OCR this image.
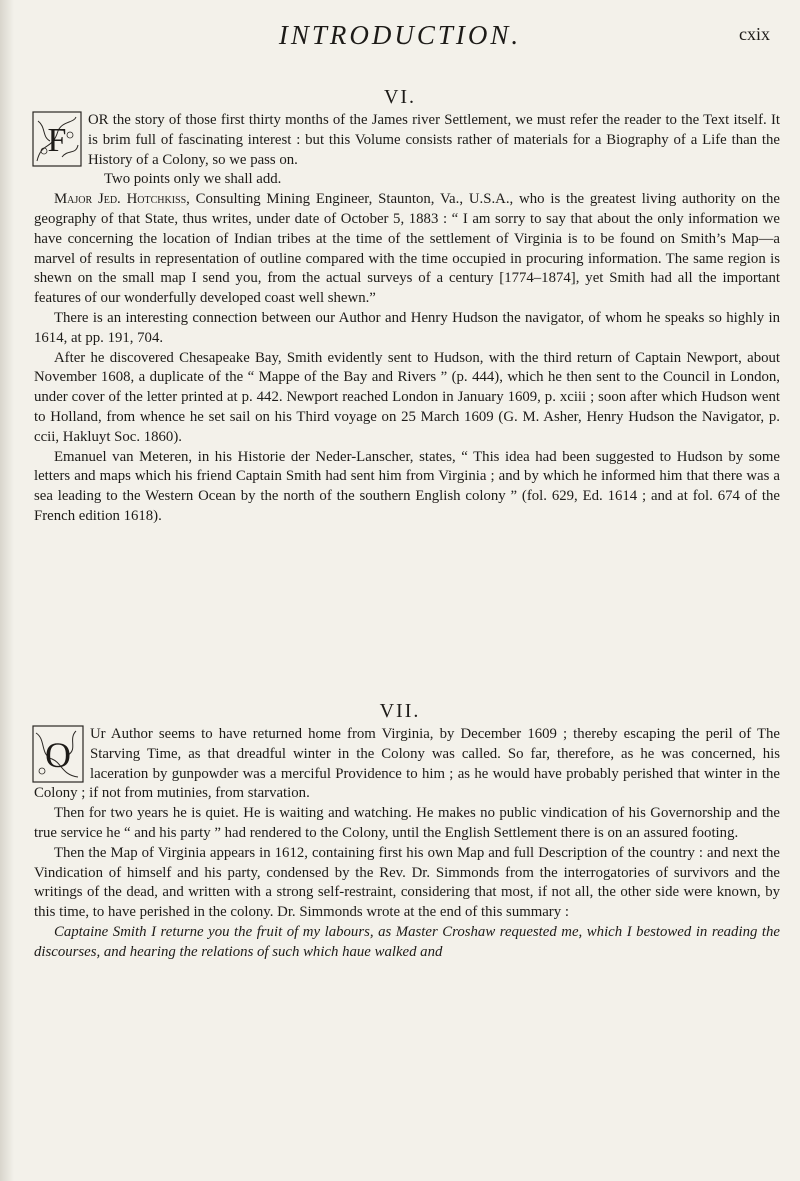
INTRODUCTION.	cxix
VI.
F

OR the story of those first thirty months of the James river Settlement, we must refer the reader to the Text itself. It is brim full of fascinating interest : but this Volume consists rather of materials for a Biography of a Life than the History of a Colony, so we pass on.

Two points only we shall add.

Major Jed. Hotchkiss, Consulting Mining Engineer, Staunton, Va., U.S.A., who is the greatest living authority on the geography of that State, thus writes, under date of October 5, 1883 : “ I am sorry to say that about the only information we have concerning the location of Indian tribes at the time of the settlement of Virginia is to be found on Smith’s Map—a marvel of results in representation of outline compared with the time occupied in procuring information. The same region is shewn on the small map I send you, from the actual surveys of a century [1774–1874], yet Smith had all the important features of our wonderfully developed coast well shewn.”

There is an interesting connection between our Author and Henry Hudson the navigator, of whom he speaks so highly in 1614, at pp. 191, 704.

After he discovered Chesapeake Bay, Smith evidently sent to Hudson, with the third return of Captain Newport, about November 1608, a duplicate of the “ Mappe of the Bay and Rivers ” (p. 444), which he then sent to the Council in London, under cover of the letter printed at p. 442. Newport reached London in January 1609, p. xciii ; soon after which Hudson went to Holland, from whence he set sail on his Third voyage on 25 March 1609 (G. M. Asher, Henry Hudson the Navigator, p. ccii, Hakluyt Soc. 1860).

Emanuel van Meteren, in his Historie der Neder-Lanscher, states, “ This idea had been suggested to Hudson by some letters and maps which his friend Captain Smith had sent him from Virginia ; and by which he informed him that there was a sea leading to the Western Ocean by the north of the southern English colony ” (fol. 629, Ed. 1614 ; and at fol. 674 of the French edition 1618).

VII.
O

Ur Author seems to have returned home from Virginia, by December 1609 ; thereby escaping the peril of The Starving Time, as that dreadful winter in the Colony was called. So far, therefore, as he was concerned, his laceration by gunpowder was a merciful Providence to him ; as he would have probably perished that winter in the Colony ; if not from mutinies, from starvation.

Then for two years he is quiet. He is waiting and watching. He makes no public vindication of his Governorship and the true service he “ and his party ” had rendered to the Colony, until the English Settlement there is on an assured footing.

Then the Map of Virginia appears in 1612, containing first his own Map and full Description of the country : and next the Vindication of himself and his party, condensed by the Rev. Dr. Simmonds from the interrogatories of survivors and the writings of the dead, and written with a strong self-restraint, considering that most, if not all, the other side were known, by this time, to have perished in the colony. Dr. Simmonds wrote at the end of this summary :

Captaine Smith I returne you the fruit of my labours, as Master Croshaw requested me, which I bestowed in reading the discourses, and hearing the relations of such which haue walked and
